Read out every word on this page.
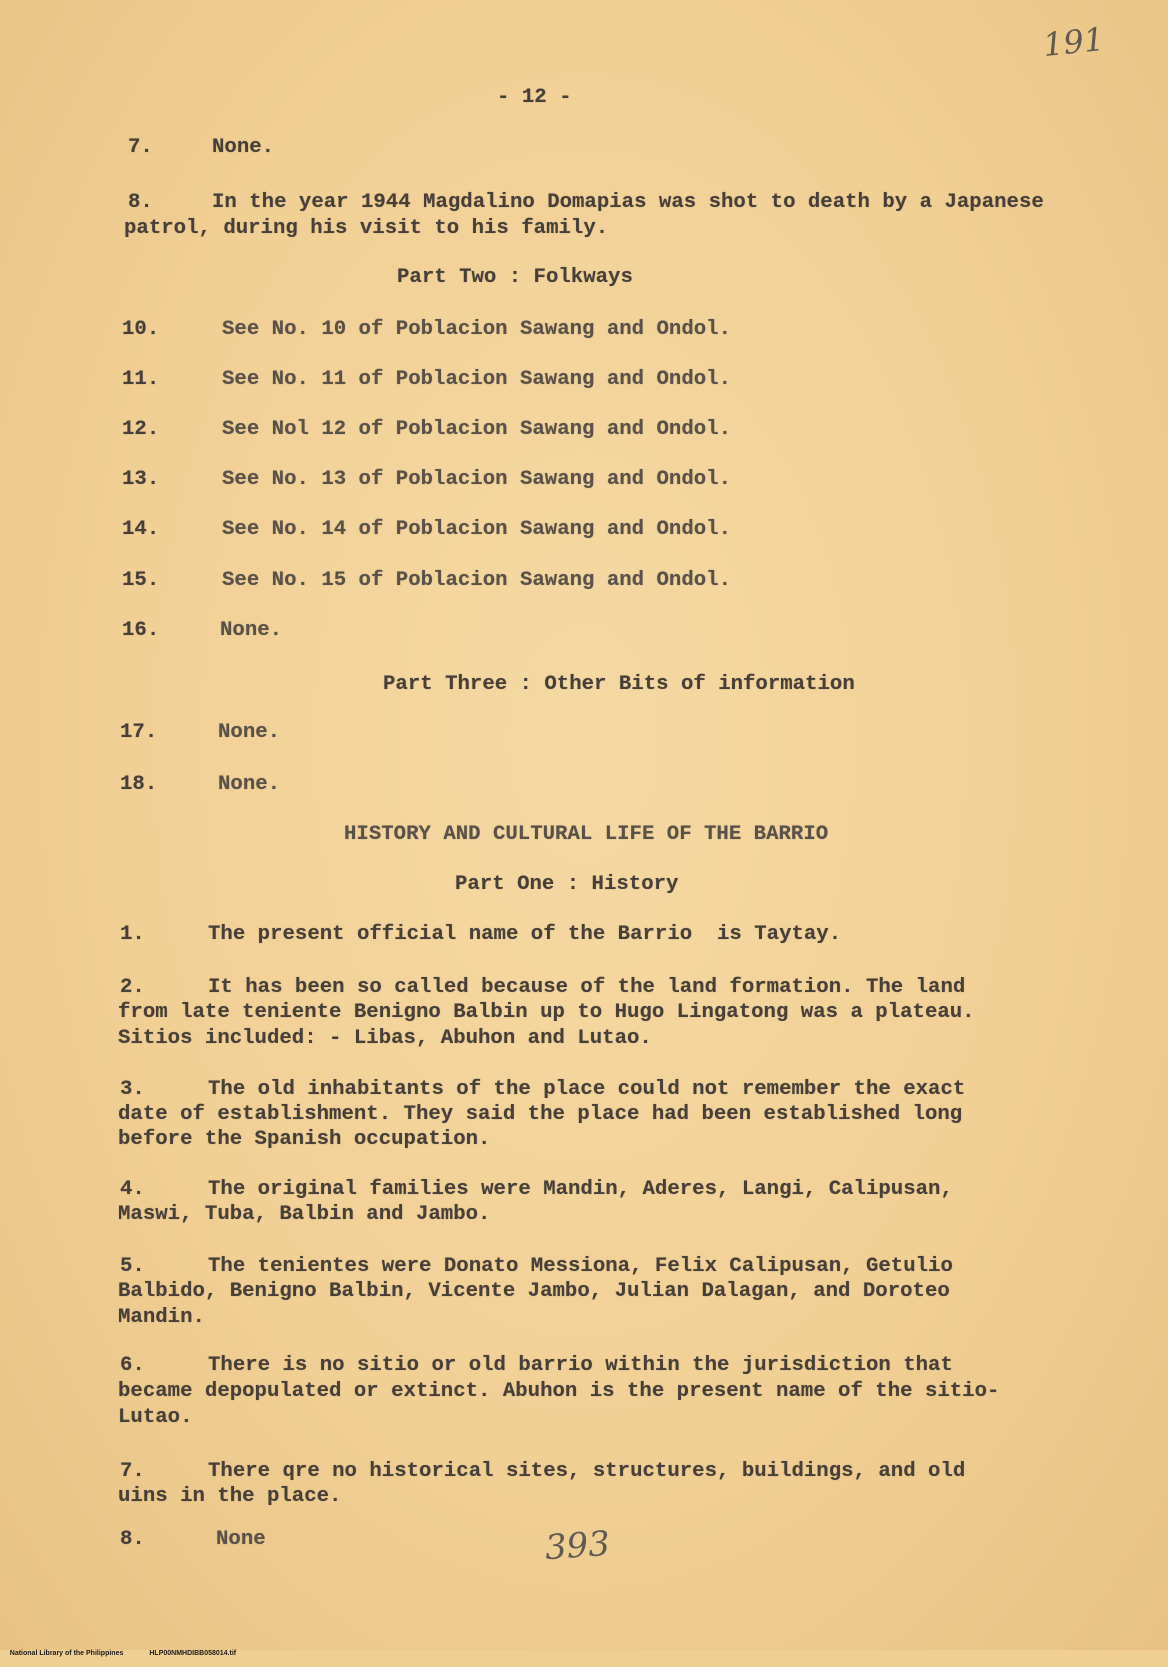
191
- 12 -
7.	None.
8.	In the year 1944 Magdalino Domapias was shot to death by a Japanese
patrol, during his visit to his family.
Part Two : Folkways
10.	See No. 10 of Poblacion Sawang and Ondol.
11.	See No. 11 of Poblacion Sawang and Ondol.
12.	See Nol 12 of Poblacion Sawang and Ondol.
13.	See No. 13 of Poblacion Sawang and Ondol.
14.	See No. 14 of Poblacion Sawang and Ondol.
15.	See No. 15 of Poblacion Sawang and Ondol.
16.	None.
Part Three : Other Bits of information
17.	None.
18.	None.
HISTORY AND CULTURAL LIFE OF THE BARRIO
Part One : History
1.	The present official name of the Barrio  is Taytay.
2.	It has been so called because of the land formation. The land
from late teniente Benigno Balbin up to Hugo Lingatong was a plateau.
Sitios included: - Libas, Abuhon and Lutao.
3.	The old inhabitants of the place could not remember the exact
date of establishment. They said the place had been established long
before the Spanish occupation.
4.	The original families were Mandin, Aderes, Langi, Calipusan,
Maswi, Tuba, Balbin and Jambo.
5.	The tenientes were Donato Messiona, Felix Calipusan, Getulio
Balbido, Benigno Balbin, Vicente Jambo, Julian Dalagan, and Doroteo
Mandin.
6.	There is no sitio or old barrio within the jurisdiction that
became depopulated or extinct. Abuhon is the present name of the sitio-
Lutao.
7.	There qre no historical sites, structures, buildings, and old
uins in the place.
8.	None	393

National Library of the Philippines	HLP00NMHDIBB058014.tif
